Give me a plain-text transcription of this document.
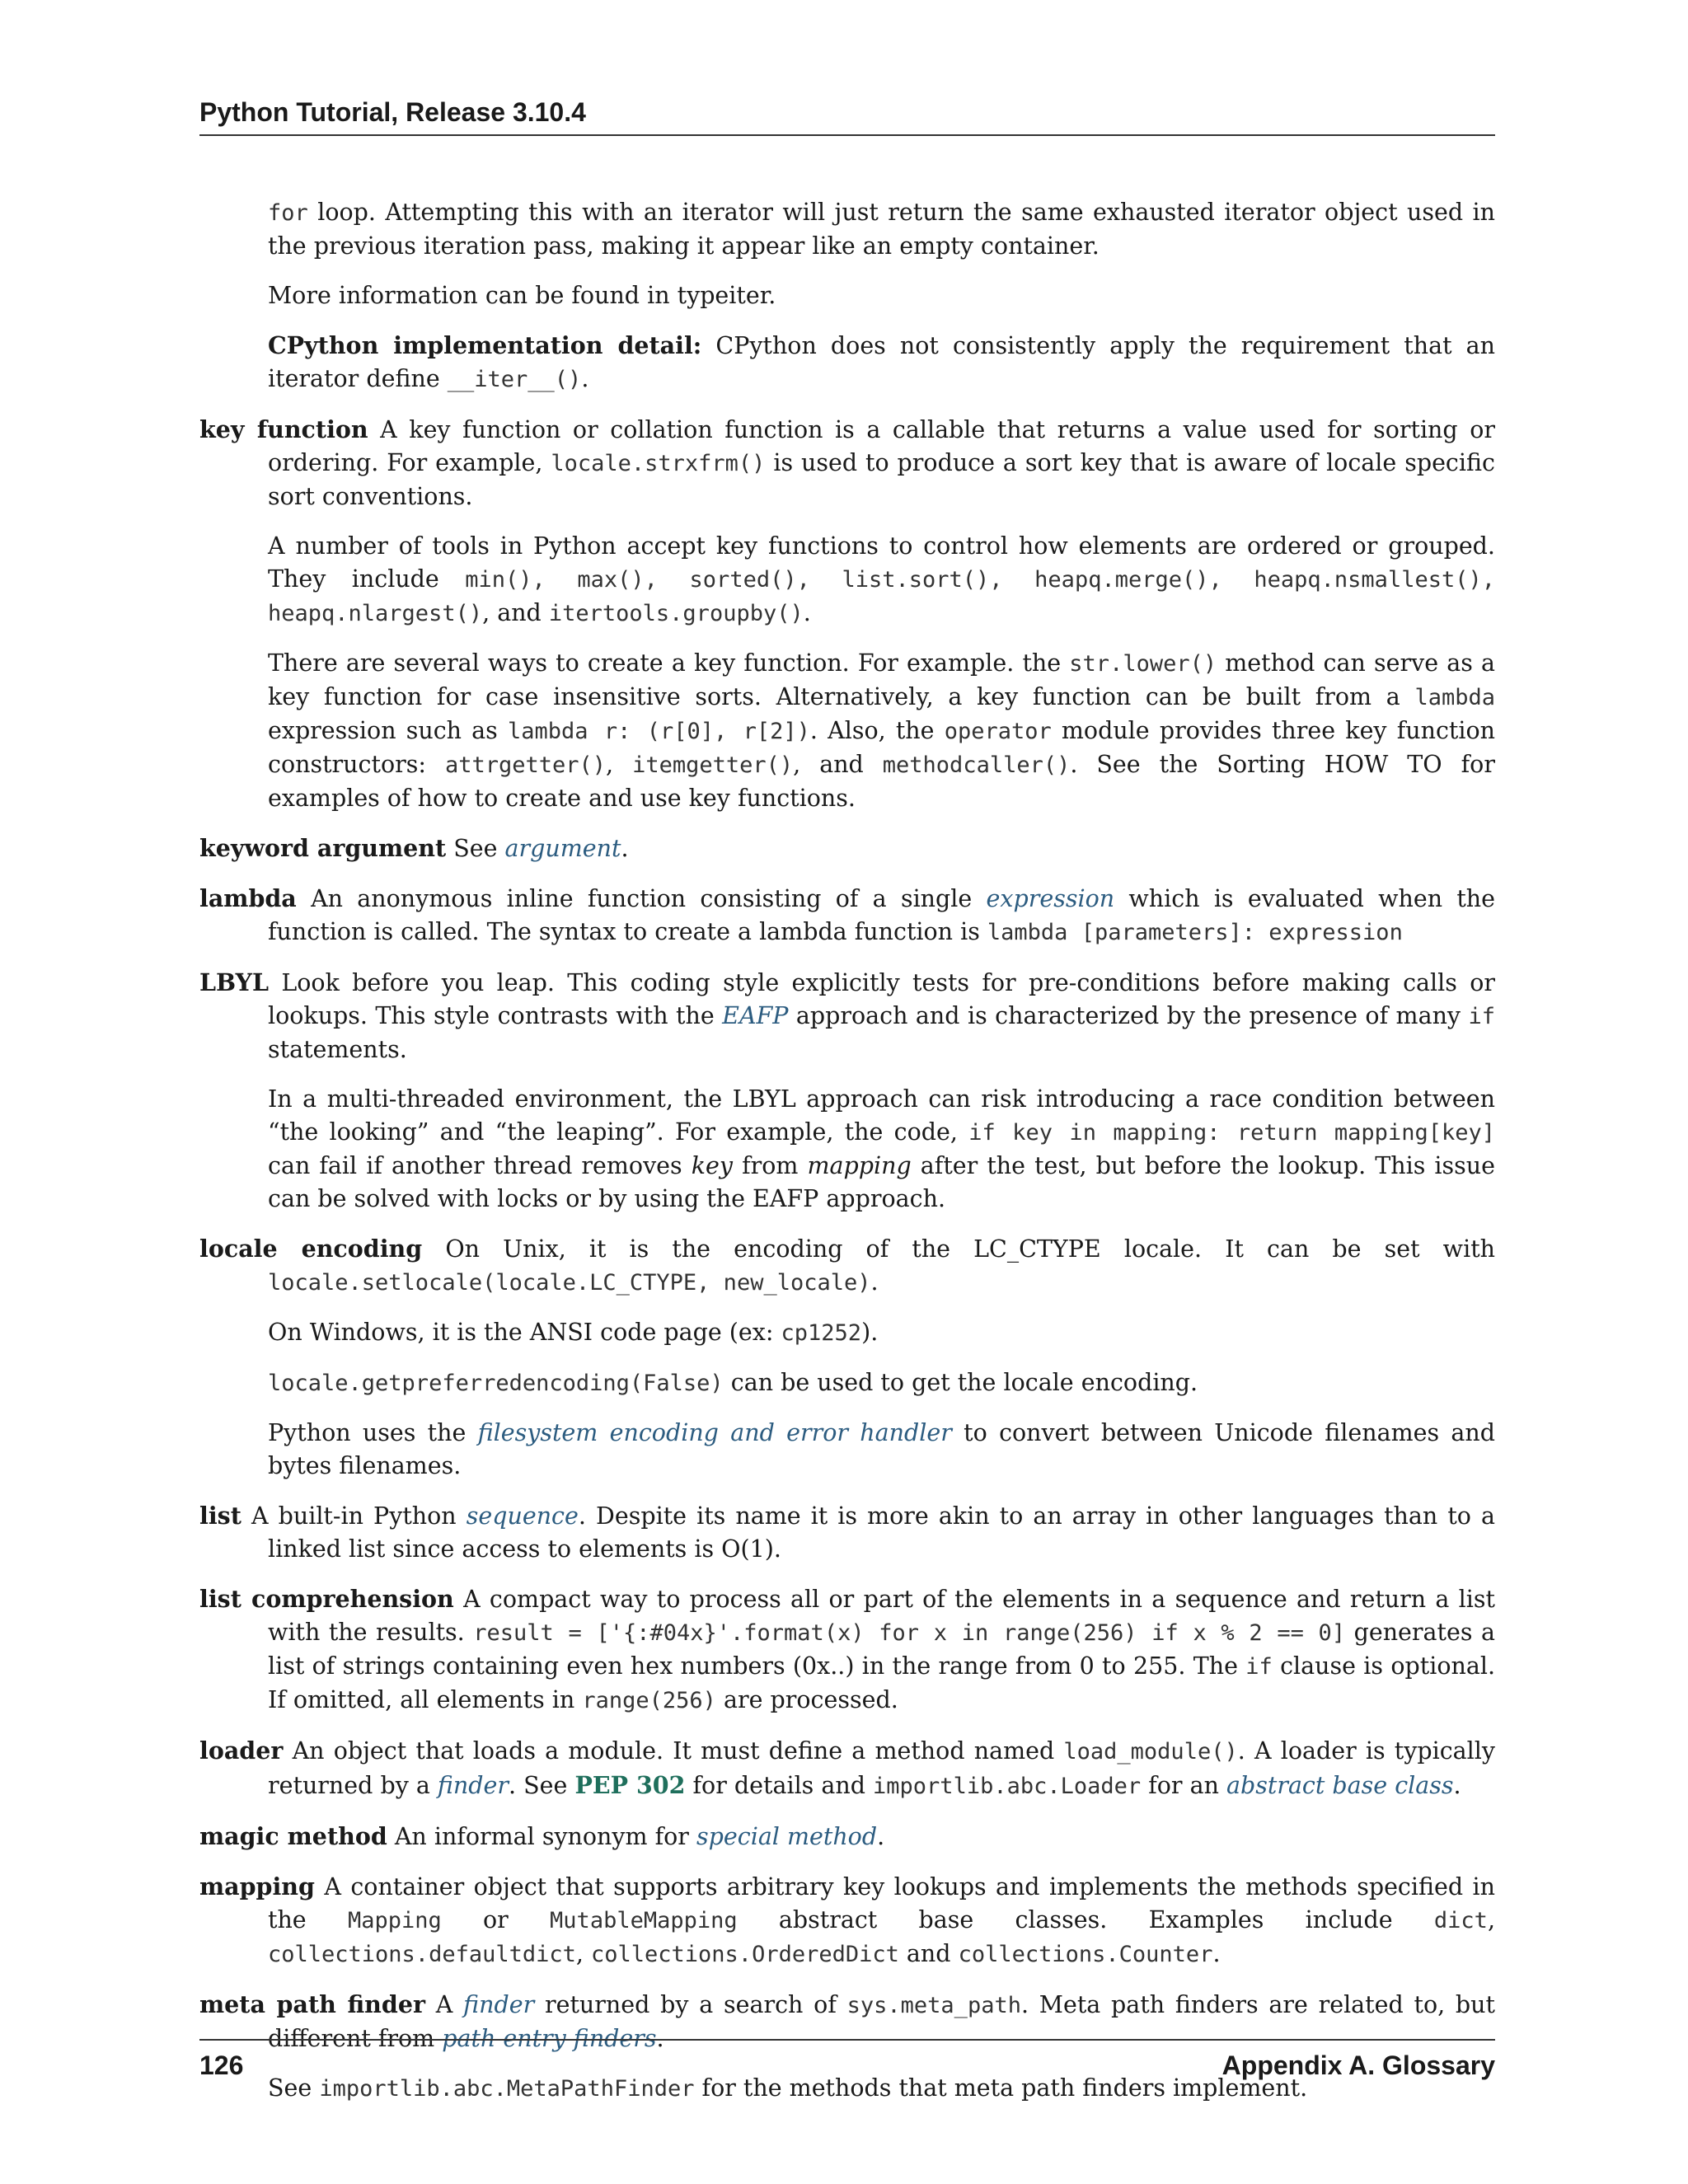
Python Tutorial, Release 3.10.4

for loop. Attempting this with an iterator will just return the same exhausted iterator object used in the previous iteration pass, making it appear like an empty container.

More information can be found in typeiter.

CPython implementation detail: CPython does not consistently apply the requirement that an iterator define __iter__().

key function A key function or collation function is a callable that returns a value used for sorting or ordering. For example, locale.strxfrm() is used to produce a sort key that is aware of locale specific sort conventions.

A number of tools in Python accept key functions to control how elements are ordered or grouped. They include min(), max(), sorted(), list.sort(), heapq.merge(), heapq.nsmallest(), heapq.nlargest(), and itertools.groupby().

There are several ways to create a key function. For example. the str.lower() method can serve as a key function for case insensitive sorts. Alternatively, a key function can be built from a lambda expression such as lambda r: (r[0], r[2]). Also, the operator module provides three key function constructors: attrgetter(), itemgetter(), and methodcaller(). See the Sorting HOW TO for examples of how to create and use key functions.

keyword argument See argument.

lambda An anonymous inline function consisting of a single expression which is evaluated when the function is called. The syntax to create a lambda function is lambda [parameters]: expression

LBYL Look before you leap. This coding style explicitly tests for pre-conditions before making calls or lookups. This style contrasts with the EAFP approach and is characterized by the presence of many if statements.

In a multi-threaded environment, the LBYL approach can risk introducing a race condition between “the looking” and “the leaping”. For example, the code, if key in mapping: return mapping[key] can fail if another thread removes key from mapping after the test, but before the lookup. This issue can be solved with locks or by using the EAFP approach.

locale encoding On Unix, it is the encoding of the LC_CTYPE locale. It can be set with locale.setlocale(locale.LC_CTYPE, new_locale).

On Windows, it is the ANSI code page (ex: cp1252).

locale.getpreferredencoding(False) can be used to get the locale encoding.

Python uses the filesystem encoding and error handler to convert between Unicode filenames and bytes filenames.

list A built-in Python sequence. Despite its name it is more akin to an array in other languages than to a linked list since access to elements is O(1).

list comprehension A compact way to process all or part of the elements in a sequence and return a list with the results. result = ['{:#04x}'.format(x) for x in range(256) if x % 2 == 0] generates a list of strings containing even hex numbers (0x..) in the range from 0 to 255. The if clause is optional. If omitted, all elements in range(256) are processed.

loader An object that loads a module. It must define a method named load_module(). A loader is typically returned by a finder. See PEP 302 for details and importlib.abc.Loader for an abstract base class.

magic method An informal synonym for special method.

mapping A container object that supports arbitrary key lookups and implements the methods specified in the Mapping or MutableMapping abstract base classes. Examples include dict, collections.defaultdict, collections.OrderedDict and collections.Counter.

meta path finder A finder returned by a search of sys.meta_path. Meta path finders are related to, but different from path entry finders.

See importlib.abc.MetaPathFinder for the methods that meta path finders implement.

126	Appendix A. Glossary
